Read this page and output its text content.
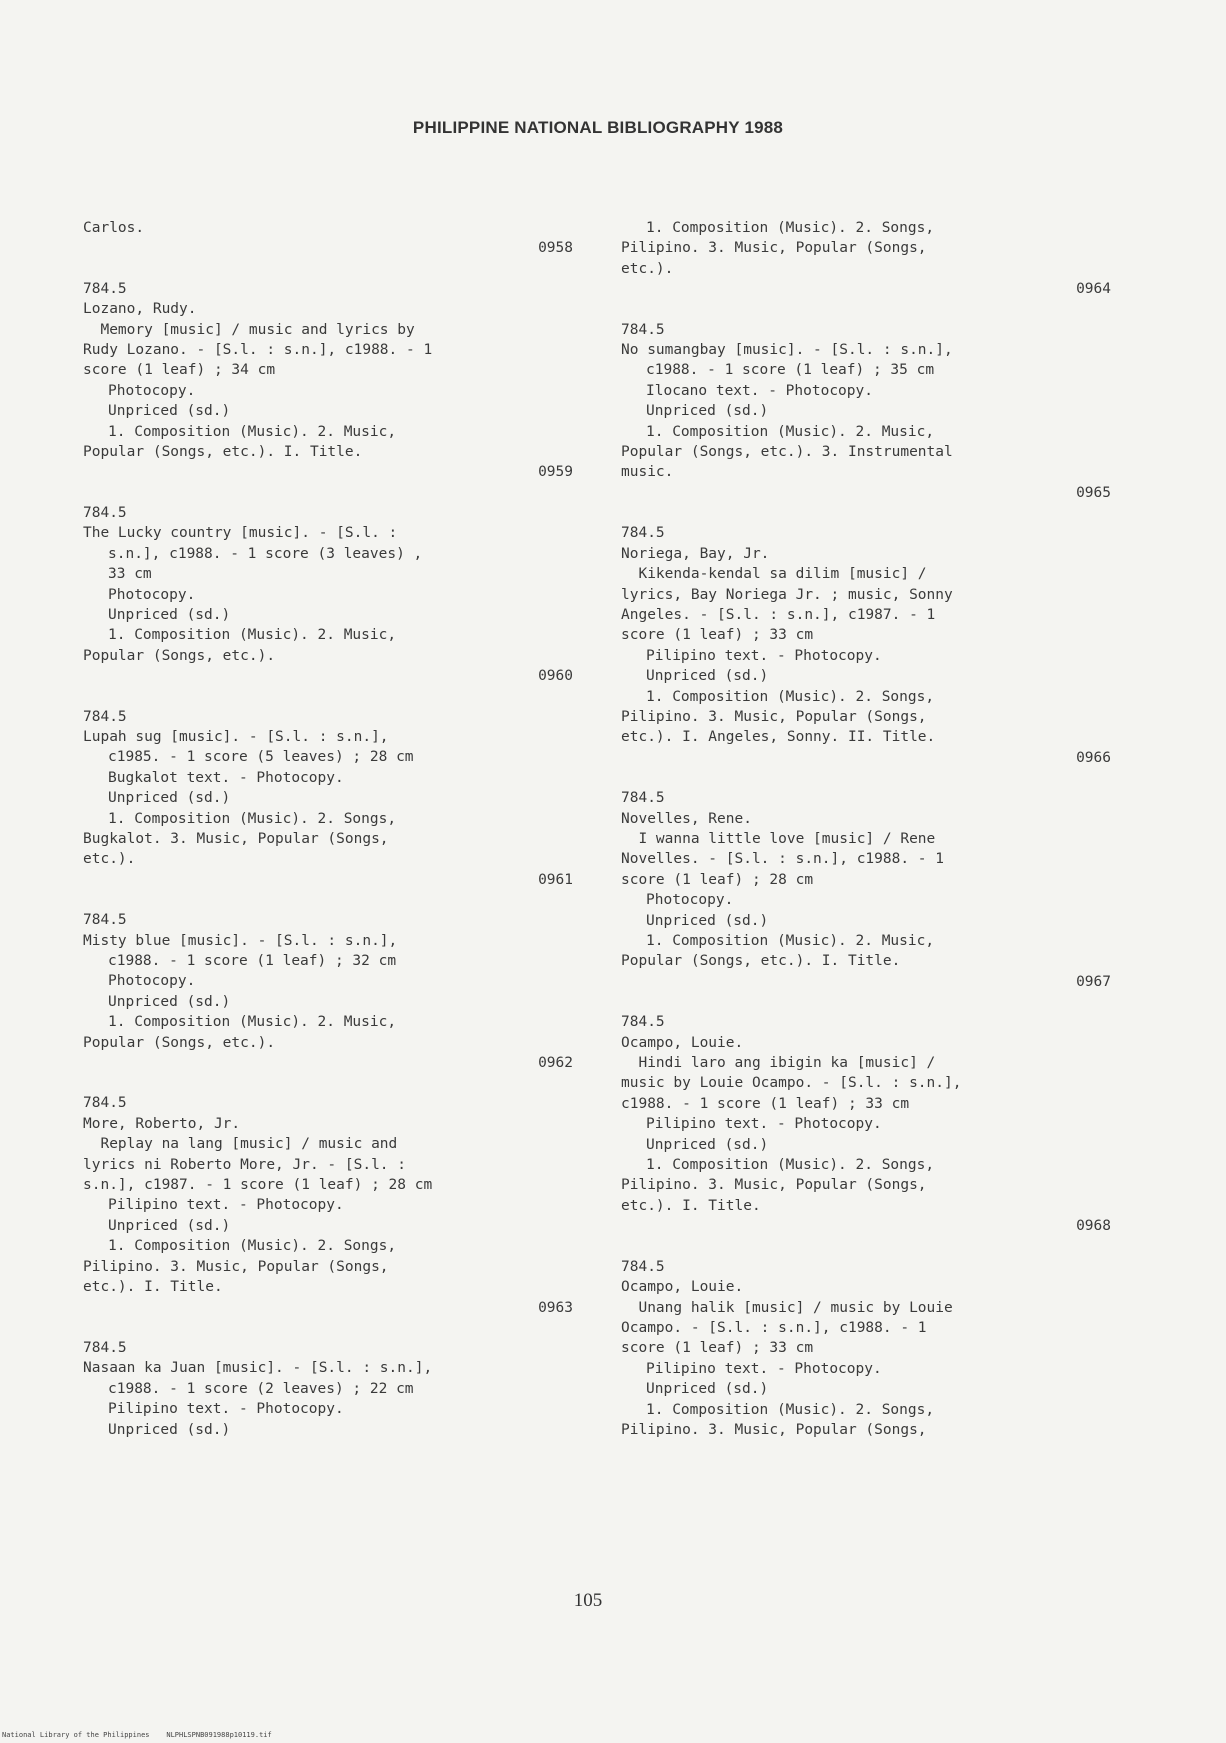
PHILIPPINE NATIONAL BIBLIOGRAPHY 1988
Carlos.
0958
784.5
Lozano, Rudy.
Memory [music] / music and lyrics by
Rudy Lozano. - [S.l. : s.n.], c1988. - 1
score (1 leaf) ; 34 cm
Photocopy.
Unpriced (sd.)
1. Composition (Music). 2. Music,
Popular (Songs, etc.). I. Title.
0959
784.5
The Lucky country [music]. - [S.l. :
s.n.], c1988. - 1 score (3 leaves) ,
33 cm
Photocopy.
Unpriced (sd.)
1. Composition (Music). 2. Music,
Popular (Songs, etc.).
0960
784.5
Lupah sug [music]. - [S.l. : s.n.],
c1985. - 1 score (5 leaves) ; 28 cm
Bugkalot text. - Photocopy.
Unpriced (sd.)
1. Composition (Music). 2. Songs,
Bugkalot. 3. Music, Popular (Songs,
etc.).
0961
784.5
Misty blue [music]. - [S.l. : s.n.],
c1988. - 1 score (1 leaf) ; 32 cm
Photocopy.
Unpriced (sd.)
1. Composition (Music). 2. Music,
Popular (Songs, etc.).
0962
784.5
More, Roberto, Jr.
Replay na lang [music] / music and
lyrics ni Roberto More, Jr. - [S.l. :
s.n.], c1987. - 1 score (1 leaf) ; 28 cm
Pilipino text. - Photocopy.
Unpriced (sd.)
1. Composition (Music). 2. Songs,
Pilipino. 3. Music, Popular (Songs,
etc.). I. Title.
0963
784.5
Nasaan ka Juan [music]. - [S.l. : s.n.],
c1988. - 1 score (2 leaves) ; 22 cm
Pilipino text. - Photocopy.
Unpriced (sd.)
1. Composition (Music). 2. Songs,
Pilipino. 3. Music, Popular (Songs,
etc.).
0964
784.5
No sumangbay [music]. - [S.l. : s.n.],
c1988. - 1 score (1 leaf) ; 35 cm
Ilocano text. - Photocopy.
Unpriced (sd.)
1. Composition (Music). 2. Music,
Popular (Songs, etc.). 3. Instrumental
music.
0965
784.5
Noriega, Bay, Jr.
Kikenda-kendal sa dilim [music] /
lyrics, Bay Noriega Jr. ; music, Sonny
Angeles. - [S.l. : s.n.], c1987. - 1
score (1 leaf) ; 33 cm
Pilipino text. - Photocopy.
Unpriced (sd.)
1. Composition (Music). 2. Songs,
Pilipino. 3. Music, Popular (Songs,
etc.). I. Angeles, Sonny. II. Title.
0966
784.5
Novelles, Rene.
I wanna little love [music] / Rene
Novelles. - [S.l. : s.n.], c1988. - 1
score (1 leaf) ; 28 cm
Photocopy.
Unpriced (sd.)
1. Composition (Music). 2. Music,
Popular (Songs, etc.). I. Title.
0967
784.5
Ocampo, Louie.
Hindi laro ang ibigin ka [music] /
music by Louie Ocampo. - [S.l. : s.n.],
c1988. - 1 score (1 leaf) ; 33 cm
Pilipino text. - Photocopy.
Unpriced (sd.)
1. Composition (Music). 2. Songs,
Pilipino. 3. Music, Popular (Songs,
etc.). I. Title.
0968
784.5
Ocampo, Louie.
Unang halik [music] / music by Louie
Ocampo. - [S.l. : s.n.], c1988. - 1
score (1 leaf) ; 33 cm
Pilipino text. - Photocopy.
Unpriced (sd.)
1. Composition (Music). 2. Songs,
Pilipino. 3. Music, Popular (Songs,
105
National Library of the Philippines    NLPHLSPNB091988p10119.tif
